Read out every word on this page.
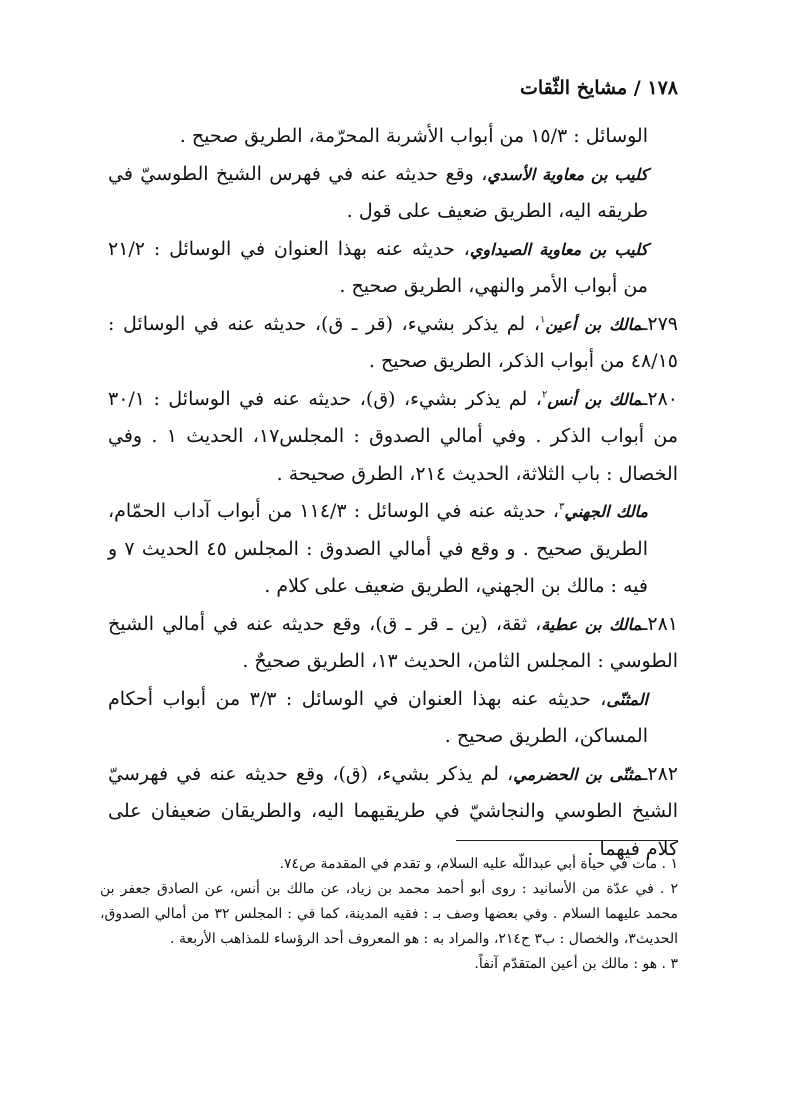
١٧٨

/

مشايخ الثّقات

الوسائل : ١٥/٣ من أبواب الأشربة المحرّمة، الطريق صحيح .

كليب بن معاوية الأسدي، وقع حديثه عنه في فهرس الشيخ الطوسيّ في طريقه اليه، الطريق ضعيف على قول .

كليب بن معاوية الصيداوي، حديثه عنه بهذا العنوان في الوسائل : ٢١/٢ من أبواب الأمر والنهي، الطريق صحيح .

٢٧٩ـمالك بن أعين$^١$، لم يذكر بشيء، (قر ـ ق)، حديثه عنه في الوسائل : ٤٨/١٥ من أبواب الذكر، الطريق صحيح .

٢٨٠ـمالك بن أنس$^٢$، لم يذكر بشيء، (ق)، حديثه عنه في الوسائل : ٣٠/١ من أبواب الذكر . وفي أمالي الصدوق : المجلس١٧، الحديث ١ . وفي الخصال : باب الثلاثة، الحديث ٢١٤، الطرق صحيحة .

مالك الجهني$^٣$، حديثه عنه في الوسائل : ١١٤/٣ من أبواب آداب الحمّام، الطريق صحيح . و وقع في أمالي الصدوق : المجلس ٤٥ الحديث ٧ و فيه : مالك بن الجهني، الطريق ضعيف على كلام .

٢٨١ـمالك بن عطية، ثقة، (ين ـ قر ـ ق)، وقع حديثه عنه في أمالي الشيخ الطوسي : المجلس الثامن، الحديث ١٣، الطريق صحيحٌ .

المثنّى، حديثه عنه بهذا العنوان في الوسائل : ٣/٣ من أبواب أحكام المساكن، الطريق صحيح .

٢٨٢ـمثنّى بن الحضرمي، لم يذكر بشيء، (ق)، وقع حديثه عنه في فهرسيّ الشيخ الطوسي والنجاشيّ في طريقيهما اليه، والطريقان ضعيفان على كلام فيهما .

١ . مات في حياة أبي عبداللّه عليه السلام، و تقدم في المقدمة ص٧٤.

٢ . في عدّة من الأسانيد : روى أبو أحمد محمد بن زياد، عن مالك بن أنس، عن الصادق جعفر بن محمد عليهما السلام . وفي بعضها وصف بـ : فقيه المدينة، كما في : المجلس ٣٢ من أمالي الصدوق، الحديث٣، والخصال : ب٣ ح٢١٤، والمراد به : هو المعروف أحد الرؤساء للمذاهب الأربعة .

٣ . هو : مالك بن أعين المتقدّم آنفاً.
